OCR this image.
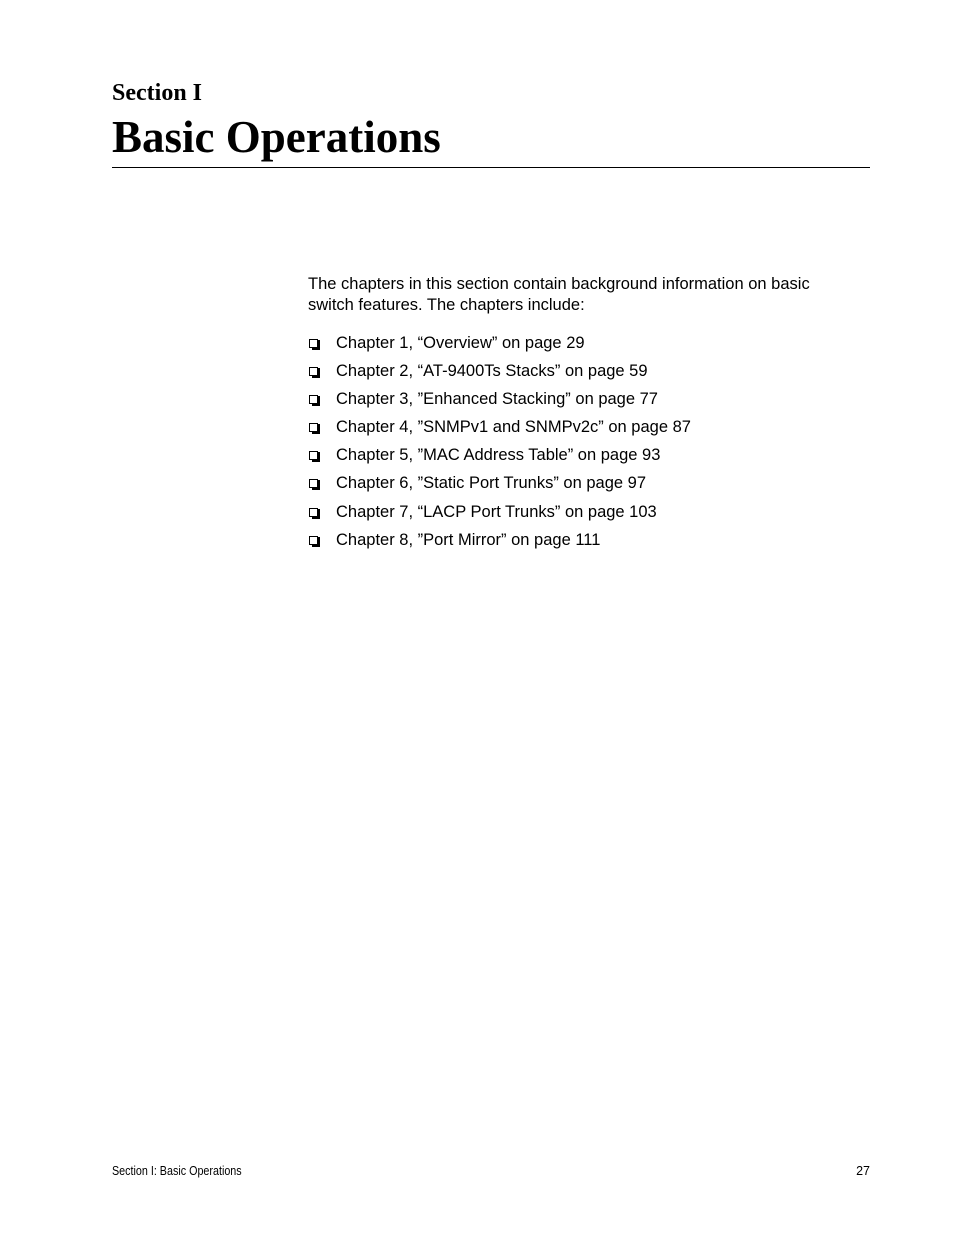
Section I
Basic Operations

The chapters in this section contain background information on basic switch features. The chapters include:

Chapter 1, “Overview” on page 29
Chapter 2, “AT-9400Ts Stacks” on page 59
Chapter 3, ”Enhanced Stacking” on page 77
Chapter 4, ”SNMPv1 and SNMPv2c” on page 87
Chapter 5, ”MAC Address Table” on page 93
Chapter 6, ”Static Port Trunks” on page 97
Chapter 7, “LACP Port Trunks” on page 103
Chapter 8, ”Port Mirror” on page 111

Section I: Basic Operations	27
